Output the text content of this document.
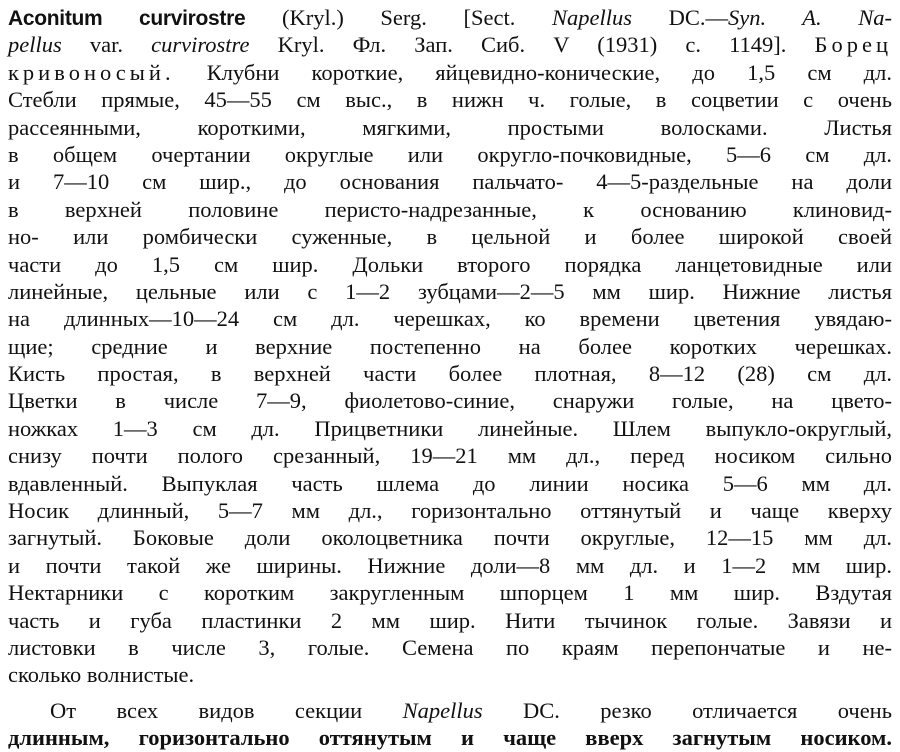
Aconitum curvirostre (Kryl.) Serg. [Sect. Napellus DC.—Syn. A. Na-
pellus var. curvirostre Kryl. Фл. Зап. Сиб. V (1931) с. 1149]. Борец
кривоносый. Клубни короткие, яйцевидно-конические, до 1,5 см дл.
Стебли прямые, 45—55 см выс., в нижн ч. голые, в соцветии с очень
рассеянными, короткими, мягкими, простыми волосками. Листья
в общем очертании округлые или округло-почковидные, 5—6 см дл.
и 7—10 см шир., до основания пальчато- 4—5-раздельные на доли
в верхней половине перисто-надрезанные, к основанию клиновид-
но- или ромбически суженные, в цельной и более широкой своей
части до 1,5 см шир. Дольки второго порядка ланцетовидные или
линейные, цельные или с 1—2 зубцами—2—5 мм шир. Нижние листья
на длинных—10—24 см дл. черешках, ко времени цветения увядаю-
щие; средние и верхние постепенно на более коротких черешках.
Кисть простая, в верхней части более плотная, 8—12 (28) см дл.
Цветки в числе 7—9, фиолетово-синие, снаружи голые, на цвето-
ножках 1—3 см дл. Прицветники линейные. Шлем выпукло-округлый,
снизу почти полого срезанный, 19—21 мм дл., перед носиком сильно
вдавленный. Выпуклая часть шлема до линии носика 5—6 мм дл.
Носик длинный, 5—7 мм дл., горизонтально оттянутый и чаще кверху
загнутый. Боковые доли околоцветника почти округлые, 12—15 мм дл.
и почти такой же ширины. Нижние доли—8 мм дл. и 1—2 мм шир.
Нектарники с коротким закругленным шпорцем 1 мм шир. Вздутая
часть и губа пластинки 2 мм шир. Нити тычинок голые. Завязи и
листовки в числе 3, голые. Семена по краям перепончатые и не-
сколько волнистые.
От всех видов секции Napellus DC. резко отличается очень
длинным, горизонтально оттянутым и чаще вверх загнутым носиком.
